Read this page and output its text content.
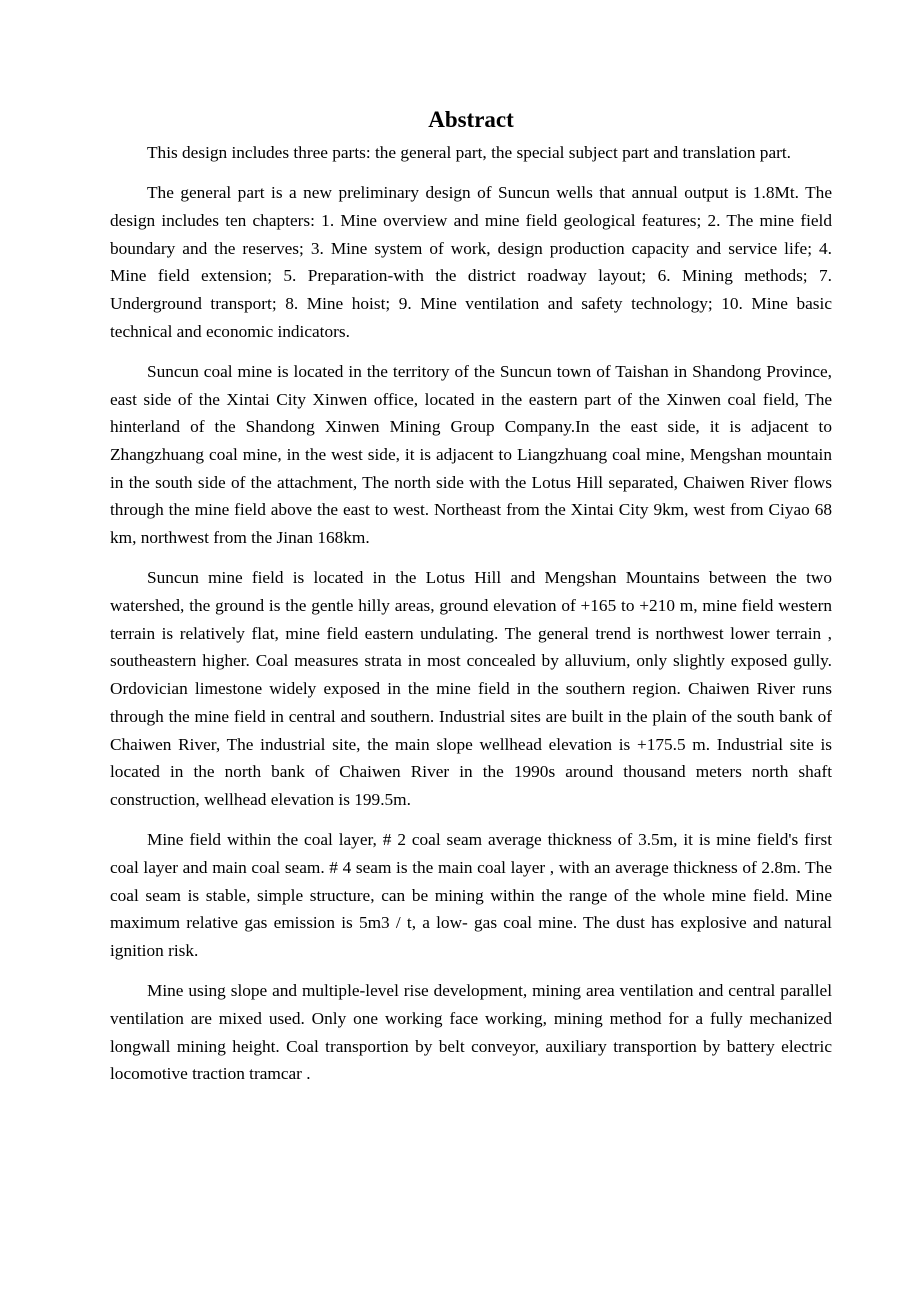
Abstract

This design includes three parts: the general part, the special subject part and translation part.

The general part is a new preliminary design of Suncun wells that annual output is 1.8Mt. The design includes ten chapters: 1. Mine overview and mine field geological features; 2. The mine field boundary and the reserves; 3. Mine system of work, design production capacity and service life; 4. Mine field extension; 5. Preparation-with the district roadway layout; 6. Mining methods; 7. Underground transport; 8. Mine hoist; 9. Mine ventilation and safety technology; 10. Mine basic technical and economic indicators.

Suncun coal mine is located in the territory of the Suncun town of Taishan in Shandong Province, east side of the Xintai City Xinwen office, located in the eastern part of the Xinwen coal field, The hinterland of the Shandong Xinwen Mining Group Company.In the east side, it is adjacent to Zhangzhuang coal mine, in the west side, it is adjacent to Liangzhuang coal mine, Mengshan mountain in the south side of the attachment, The north side with the Lotus Hill separated, Chaiwen River flows through the mine field above the east to west. Northeast from the Xintai City 9km, west from Ciyao 68 km, northwest from the Jinan 168km.

Suncun mine field is located in the Lotus Hill and Mengshan Mountains between the two watershed, the ground is the gentle hilly areas, ground elevation of +165 to +210 m, mine field western terrain is relatively flat, mine field eastern undulating. The general trend is northwest lower terrain , southeastern higher. Coal measures strata in most concealed by alluvium, only slightly exposed gully. Ordovician limestone widely exposed in the mine field in the southern region. Chaiwen River runs through the mine field in central and southern. Industrial sites are built in the plain of the south bank of Chaiwen River, The industrial site, the main slope wellhead elevation is +175.5 m. Industrial site is located in the north bank of Chaiwen River in the 1990s around thousand meters north shaft construction, wellhead elevation is 199.5m.

Mine field within the coal layer, # 2 coal seam average thickness of 3.5m, it is mine field's first coal layer and main coal seam. # 4 seam is the main coal layer , with an average thickness of 2.8m. The coal seam is stable, simple structure, can be mining within the range of the whole mine field. Mine maximum relative gas emission is 5m3 / t, a low- gas coal mine. The dust has explosive and natural ignition risk.

Mine using slope and multiple-level rise development, mining area ventilation and central parallel ventilation are mixed used. Only one working face working, mining method for a fully mechanized longwall mining height. Coal transportion by belt conveyor, auxiliary transportion by battery electric locomotive traction tramcar .
